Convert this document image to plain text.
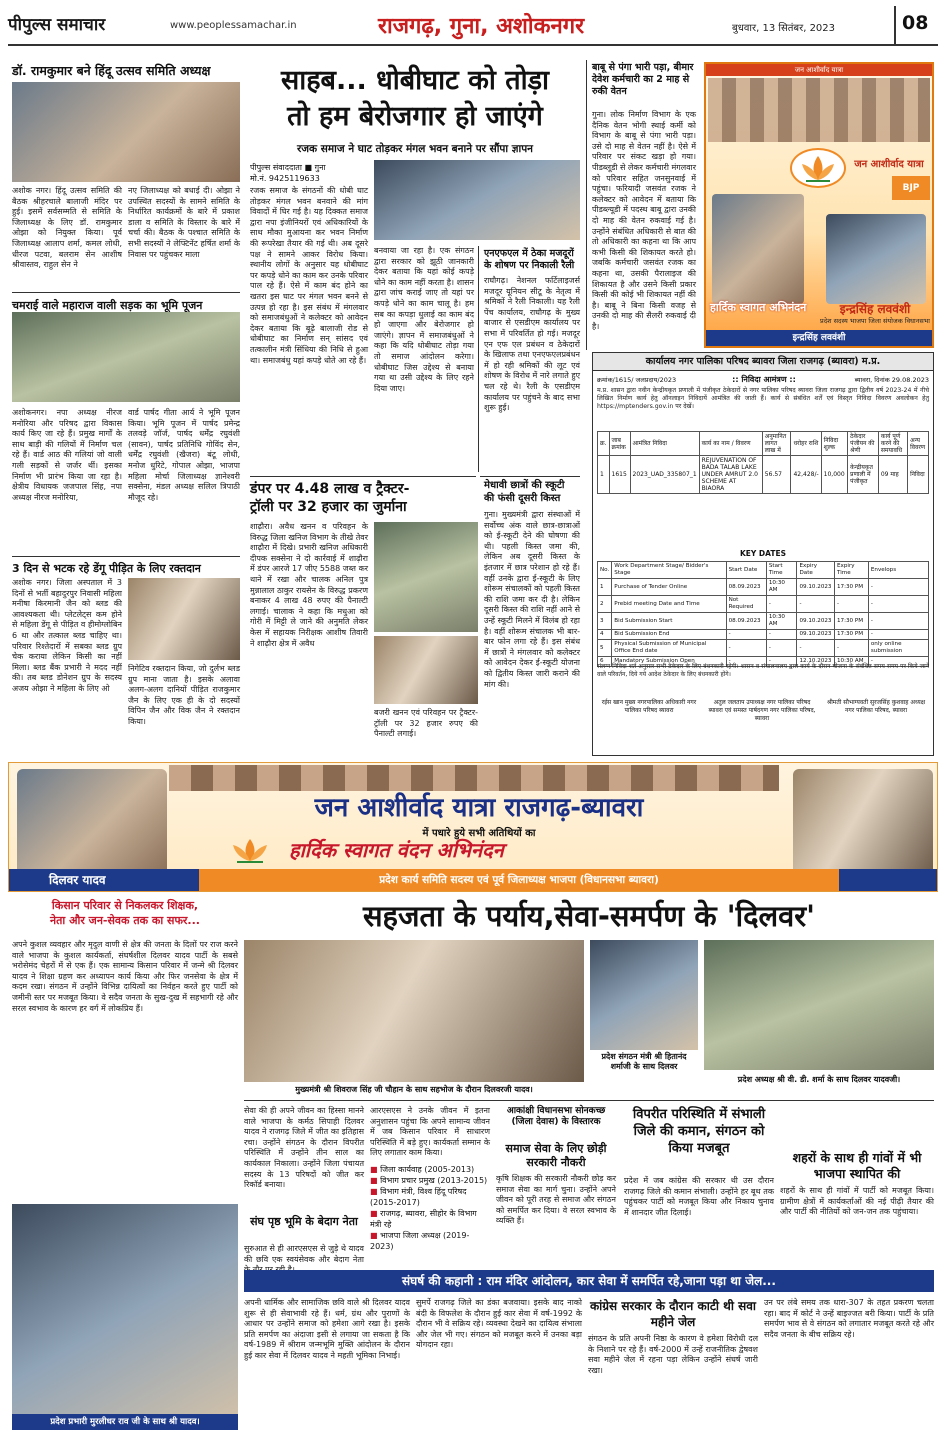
पीपुल्स समाचार	www.peoplessamachar.in	राजगढ़, गुना, अशोकनगर	बुधवार, 13 सितंबर, 2023	08
डॉ. रामकुमार बने हिंदू उत्सव समिति अध्यक्ष
अशोक नगर। हिंदू उत्सव समिति की बैठक श्रीहरचाले बालाजी मंदिर पर हुई। इसमें सर्वसम्मति से समिति के जिलाध्यक्ष के लिए डॉ. रामकुमार ओझा को नियुक्त किया। पूर्व जिलाध्यक्ष आलाप शर्मा, कमल लोधी, धीरज पटवा, बलराम सेन आशीष श्रीवास्तव, राहुल सेन ने
नए जिलाध्यक्ष को बधाई दी। ओझा ने उपस्थित सदस्यों के सामने समिति के निर्धारित कार्यक्रमों के बारे में प्रकाश डाला व समिति के विस्तार के बारे में चर्चा की। बैठक के पश्चात समिति के सभी सदस्यों ने लेफ्टिनेंट हर्षित शर्मा के निवास पर पहुंचकर माला
चमराई वाले महाराज वाली सड़क का भूमि पूजन
अशोकनगर। नपा अध्यक्ष नीरज मनोरिया और परिषद द्वारा विकास कार्य किए जा रहे हैं। प्रमुख मार्गों के साथ बाड़ी की गलियों में निर्माण चल रहे हैं। वार्ड आठ की गलियां जो वाली गली सड़कों से जर्जर थीं। इसका निर्माण भी प्रारंभ किया जा रहा है। क्षेत्रीय विधायक जजपाल सिंह, नपा अध्यक्ष नीरज मनोरिया,
वार्ड पार्षद गीता आर्य ने भूमि पूजन किया। भूमि पूजन में पार्षद प्रमेन्द्र तलवड़े जॉर्ज, पार्षद धर्मेंद्र रघुवंशी (सावन), पार्षद प्रतिनिधि गोविंद सेन, धर्मेंद्र रघुवंशी (खैजरा) बंटू लोधी, मनोज धुरिटे, गोपाल ओझा, भाजपा महिला मोर्चा जिलाध्यक्ष ज्ञानेश्वरी सक्सेना, मंडल अध्यक्ष सलिल त्रिपाठी मौजूद रहे।
3 दिन से भटक रहे डेंगू पीड़ित के लिए रक्तदान
अशोक नगर। जिला अस्पताल में 3 दिनों से भर्ती बहादुरपुर निवासी महिला मनीषा किरमानी जैन को ब्लड की आवश्यकता थी। प्लेटलेट्स कम होने से महिला डेंगू से पीड़ित व हीमोग्लोबिन 6 था और तत्काल ब्लड चाहिए था। परिवार रिश्तेदारों में सबका ब्लड ग्रुप चेक कराया लेकिन किसी का नहीं मिला। ब्लड बैंक प्रभारी ने मदद नहीं की। तब ब्लड डोनेशन ग्रुप के सदस्य अजय ओझा ने महिला के लिए ओ
निगेटिव रक्तदान किया, जो दुर्लभ ब्लड ग्रुप माना जाता है। इसके अलावा अलग-अलग दानियों पीड़ित राजकुमार जैन के लिए एक ही के दो सदस्यों विपिन जैन और विक जैन ने रक्तदान किया।
साहब... धोबीघाट को तोड़ा
तो हम बेरोजगार हो जाएंगे
रजक समाज ने घाट तोड़कर मंगल भवन बनाने पर सौंपा ज्ञापन
पीपुल्स संवाददाता ■ गुना
मो.नं. 9425119633
रजक समाज के संगठनों की धोबी घाट तोड़कर मंगल भवन बनवाने की मांग विवादों में घिर गई है। यह दिक्कत समाज द्वारा नपा इंजीनियरों एवं अधिकारियों के साथ मौका मुआयना कर भवन निर्माण की रूपरेखा तैयार की गई थी। अब दूसरे पक्ष ने सामने आकर विरोध किया। स्थानीय लोगों के अनुसार यह धोबीघाट पर कपड़े धोने का काम कर उनके परिवार पाल रहे हैं। ऐसे में काम बंद होने का खतरा इस घाट पर मंगल भवन बनने से उत्पन्न हो रहा है। इस संबंध में मंगलवार को समाजबंधुओं ने कलेक्टर को आवेदन देकर बताया कि बूढ़े बालाजी रोड से धोबीघाट का निर्माण सन् सांसद एवं तत्कालीन मंत्री सिंधिया की निधि से हुआ था। समाजबंधु यहां कपड़े धोते आ रहे हैं।
बनवाया जा रहा है। एक संगठन द्वारा सरकार को झूठी जानकारी देकर बताया कि यहां कोई कपड़े धोने का काम नहीं करता है। शासन द्वारा जांच कराई जाए तो यहां पर कपड़े धोने का काम चालू है। हम सब का कपड़ा धुलाई का काम बंद हो जाएगा और बेरोजगार हो जाएंगे। ज्ञापन में समाजबंधुओं ने कहा कि यदि धोबीघाट तोड़ा गया तो समाज आंदोलन करेगा। धोबीघाट जिस उद्देश्य से बनाया गया था उसी उद्देश्य के लिए रहने दिया जाए।
एनएफएल में ठेका मजदूरों के शोषण पर निकाली रैली
राघौगढ़। नेशनल फर्टिलाइजर्स मजदूर यूनियन सीटू के नेतृत्व में श्रमिकों ने रैली निकाली। यह रैली पेंच कार्यालय, राघौगढ़ के मुख्य बाजार से एसडीएम कार्यालय पर सभा में परिवर्तित हो गई। मजदूर एन एफ एल प्रबंधन व ठेकेदारों के खिलाफ तथा एनएफएलप्रबंधन में हो रही श्रमिकों की लूट एवं शोषण के विरोध में नारे लगाते हुए चल रहे थे। रैली के एसडीएम कार्यालय पर पहुंचने के बाद सभा शुरू हुई।
डंपर पर 4.48 लाख व ट्रैक्टर-
ट्रॉली पर 32 हजार का जुर्माना
शाढ़ौरा। अवैध खनन व परिवहन के विरुद्ध जिला खनिज विभाग के तीखे तेवर शाढ़ौरा में दिखे। प्रभारी खनिज अधिकारी दीपक सक्सेना ने दो कार्रवाई में शाढ़ौरा में डंपर आरजे 17 जीए 5588 जब्त कर थाने में रखा और चालक अनिल पुत्र मुन्नालाल ठाकुर रायसेन के विरुद्ध प्रकरण बनाकर 4 लाख 48 रुपए की पैनाल्टी लगाई। चालाक ने कहा कि मधुआ को गोरी में मिट्टी ले जाने की अनुमति लेकर केस में सहायक निरीक्षक आशीष तिवारी ने शाढ़ौरा क्षेत्र में अवैध
बजरी खनन एवं परिवहन पर ट्रैक्टर-ट्रॉली पर 32 हजार रुपए की पैनाल्टी लगाई।
मेधावी छात्रों की स्कूटी
की फंसी दूसरी किस्त
गुना। मुख्यमंत्री द्वारा संस्थाओं में सर्वोच्च अंक वाले छात्र-छात्राओं को ई-स्कूटी देने की घोषणा की थी। पहली किस्त जमा की, लेकिन अब दूसरी किस्त के इंतजार में छात्र परेशान हो रहे हैं। वहीं उनके द्वारा ई-स्कूटी के लिए शोरूम संचालकों को पहली किस्त की राशि जमा कर दी है। लेकिन दूसरी किस्त की राशि नहीं आने से उन्हें स्कूटी मिलने में विलंब हो रहा है। वहीं शोरूम संचालक भी बार-बार फोन लगा रहे हैं। इस संबंध में छात्रों ने मंगलवार को कलेक्टर को आवेदन देकर ई-स्कूटी योजना को द्वितीय किस्त जारी कराने की मांग की।
बाबू से पंगा भारी पड़ा, बीमार देवेश कर्मचारी का 2 माह से रुकी वेतन
गुना। लोक निर्माण विभाग के एक दैनिक वेतन भोगी स्थाई कर्मी को विभाग के बाबू से पंगा भारी पड़ा। उसे दो माह से वेतन नहीं है। ऐसे में परिवार पर संकट खड़ा हो गया। पीडब्लूडी से लेकर कर्मचारी मंगलवार को परिवार सहित जनसुनवाई में पहुंचा। फरियादी जसवंत रजक ने कलेक्टर को आवेदन में बताया कि पीडब्ल्यूडी में पदस्थ बाबू द्वारा उनकी दो माह की वेतन रुकवाई गई है। उन्होंने संबंधित अधिकारी से बात की तो अधिकारी का कहना था कि आप कभी किसी की शिकायत करते हो। जबकि कर्मचारी जसवंत रजक का कहना था, उसकी पैरालाइज की शिकायत है और उसने किसी प्रकार किसी की कोई भी शिकायत नहीं की है। बाबू ने बिना किसी वजह से उनकी दो माह की सैलरी रुकवाई दी है।
जन आशीर्वाद यात्रा
जन आशीर्वाद यात्रा
BJP
हार्दिक स्वागत अभिनंदन	इन्द्रसिंह लववंशी
प्रदेश सदस्य भाजपा जिला संयोजक विधानसभा
इन्द्रसिंह लववंशी
कार्यालय नगर पालिका परिषद ब्यावरा जिला राजगढ़ (ब्यावरा) म.प्र.
क्रमांक/1615/ जलप्रदाय/2023	:: निविदा आमंत्रण ::	ब्यावरा, दिनांक 29.08.2023
म.प्र. शासन द्वारा नवीन केन्द्रीयकृत प्रणाली में पंजीकृत ठेकेदारों से नगर पालिका परिषद ब्यावरा जिला राजगढ़ द्वारा द्वितीय वर्ष 2023-24 में नीचे लिखित निर्माण कार्य हेतु ऑनलाइन निविदायें आमंत्रित की जाती हैं। कार्य से संबंधित शर्तें एवं विस्तृत निविदा विवरण अवलोकन हेतु https://mptenders.gov.in पर देखें।
क्र.	जाब क्रमांक	आमंत्रित निविदा	कार्य का नाम / विवरण	अनुमानित लागत लाख में	धरोहर राशि	निविदा शुल्क	ठेकेदार पंजीयन की श्रेणी	कार्य पूर्ण करने की समयावधि	अन्य विवरण
1	1615	2023_UAD_335807_1	REJUVENATION OF BADA TALAB LAKE UNDER AMRUT 2.0 SCHEME AT BIAORA	56.57	42,428/-	10,000	केन्द्रीयकृत प्रणाली में पंजीकृत	09 माह	निविदा
KEY DATES
No.	Work Department Stage/ Bidder's Stage	Start Date	Start Time	Expiry Date	Expiry Time	Envelops
1	Purchase of Tender Online	08.09.2023	10:30 AM	09.10.2023	17:30 PM	-
2	Prebid meeting Date and Time	Not Required	-	-	-	-
3	Bid Submission Start	08.09.2023	10:30 AM	09.10.2023	17:30 PM	-
4	Bid Submission End	-	-	09.10.2023	17:30 PM	-
5	Physical Submission of Municipal Office End date	-	-	-	-	only online submission
6	Mandatory Submission Open	-	-	12.10.2023	10:30 AM	-
संलग्न निविदा शर्त अनुसार सभी ठेकेदार के लिए बंधनकारी रहेगी। शासन व संचालनालय द्वारा कार्य के दौरान योजना के संबंधित समय समय पर किये जाने वाले परिवर्तन, दिये गये आदेश ठेकेदार के लिए बंधनकारी होंगे।
रईस खान मुख्य नगरपालिका अधिकारी नगर पालिका परिषद ब्यावरा
अतुल जलताप उपाध्यक्ष नगर पालिका परिषद ब्यावरा एवं समस्त पार्षदगण नगर पालिका परिषद, ब्यावरा
श्रीमती सौभाग्यवती सुरजसिंह कुशवाह अध्यक्ष नगर पालिका परिषद, ब्यावरा
जन आशीर्वाद यात्रा राजगढ़-ब्यावरा
में पधारे हुये सभी अतिथियों का
हार्दिक स्वागत वंदन अभिनंदन
दिलवर यादव	प्रदेश कार्य समिति सदस्य एवं पूर्व जिलाध्यक्ष भाजपा (विधानसभा ब्यावरा)
किसान परिवार से निकलकर शिक्षक,
नेता और जन-सेवक तक का सफर...	सहजता के पर्याय,सेवा-समर्पण के 'दिलवर'
अपने कुशल व्यवहार और मृदुल वाणी से क्षेत्र की जनता के दिलों पर राज करने वाले भाजपा के कुशल कार्यकर्ता, संघर्षशील दिलवर यादव पार्टी के सबसे भरोसेमंद चेहरों में से एक हैं। एक सामान्य किसान परिवार में जन्मे श्री दिलवर यादव ने शिक्षा ग्रहण कर अध्यापन कार्य किया और फिर जनसेवा के क्षेत्र में कदम रखा। संगठन में उन्होंने विभिन्न दायित्वों का निर्वहन करते हुए पार्टी को जमीनी स्तर पर मजबूत किया। वे सदैव जनता के सुख-दुख में सहभागी रहे और सरल स्वभाव के कारण हर वर्ग में लोकप्रिय हैं।
मुख्यमंत्री श्री शिवराज सिंह जी चौहान के साथ सहभोज के दौरान दिलवरजी यादव।
प्रदेश संगठन मंत्री श्री हितानंद शर्माजी के साथ दिलवर
प्रदेश अध्यक्ष श्री वी. डी. शर्मा के साथ दिलवर यादवजी।
सेवा की ही अपने जीवन का हिस्सा मानने वाले भाजपा के कर्मठ सिपाही दिलवर यादव ने राजगढ़ जिले में जीत का इतिहास रचा। उन्होंने संगठन के दौरान विपरीत परिस्थिति में उन्होंने तीन साल का कार्यकाल निकाला। उन्होंने जिला पंचायत सदस्य के 13 परिषदों को जीत कर रिकॉर्ड बनाया।
संघ पृष्ठ भूमि के बेदाग नेता
सुरुआत से ही आरएसएस से जुड़े थे यादव की छवि एक स्वयंसेवक और बेदाग नेता
आरएसएस ने उनके जीवन में इतना अनुशासन पहुंचा कि अपने सामान्य जीवन में जब किसान परिवार में साधारण परिस्थिति में बड़े हुए। कार्यकर्ता सम्मान के लिए लगातार काम किया।
■ जिला कार्यवाह (2005-2013)
■ विभाग प्रचार प्रमुख (2013-2015)
■ विभाग मंत्री, विश्व हिंदू परिषद (2015-2017)
■ राजगढ़, ब्यावरा, सीहोर के विभाग मंत्री रहे
■ भाजपा जिला अध्यक्ष (2019-2023)
आकांक्षी विधानसभा सोनकच्छ (जिला देवास) के विस्तारक
समाज सेवा के लिए छोड़ी सरकारी नौकरी
कृषि शिक्षक की सरकारी नौकरी छोड़ कर समाज सेवा का मार्ग चुना। उन्होंने अपने जीवन को पूरी तरह से समाज और संगठन को समर्पित कर दिया। वे सरल स्वभाव के व्यक्ति हैं।
विपरीत परिस्थिति में संभाली जिले की कमान, संगठन को किया मजबूत
प्रदेश में जब कांग्रेस की सरकार थी उस दौरान राजगढ़ जिले की कमान संभाली। उन्होंने हर बूथ तक पहुंचकर पार्टी को मजबूत किया और निकाय चुनाव में शानदार जीत दिलाई।
शहरों के साथ ही गांवों में भी भाजपा स्थापित की
शहरों के साथ ही गांवों में पार्टी को मजबूत किया। ग्रामीण क्षेत्रों में कार्यकर्ताओं की नई पीढ़ी तैयार की और पार्टी की नीतियों को जन-जन तक पहुंचाया।
संघर्ष की कहानी : राम मंदिर आंदोलन, कार सेवा में समर्पित रहे,जाना पड़ा था जेल...
प्रदेश प्रभारी मुरलीधर राव जी के साथ श्री यादव।
अपनी धार्मिक और सामाजिक छवि वाले श्री दिलवर यादव शुरू से ही सेवाभावी रहे हैं। धर्म, ग्रंथ और पुराणों के आधार पर उन्होंने समाज को हमेशा आगे रखा है। इसके प्रति समर्पण का अंदाजा इसी से लगाया जा सकता है कि वर्ष-1989 में श्रीराम जन्मभूमि मुक्ति आंदोलन के दौरान हुई कार सेवा में दिलवर यादव ने महती भूमिका निभाई।
सुमर्पे राजगढ़ जिले का डंका बजवाया। इसके बाद नाको बंदी के विफलेश के दौरान हुई कार सेवा में वर्ष-1992 के दौरान भी वे सक्रिय रहे। व्यवस्था देखने का दायित्व संभाला और जेल भी गए। संगठन को मजबूत करने में उनका बड़ा योगदान रहा।
कांग्रेस सरकार के दौरान काटी थी सवा महीने जेल
संगठन के प्रति अपनी निष्ठा के कारण वे हमेशा विरोधी दल के निशाने पर रहे हैं। वर्ष-2000 में उन्हें राजनीतिक द्वेषवश सवा महीने जेल में रहना पड़ा लेकिन उन्होंने संघर्ष जारी रखा।
उन पर लंबे समय तक धारा-307 के तहत प्रकरण चलता रहा। बाद में कोर्ट ने उन्हें बाइज्जत बरी किया। पार्टी के प्रति समर्पण भाव से वे संगठन को लगातार मजबूत करते रहे और सदैव जनता के बीच सक्रिय रहे।
